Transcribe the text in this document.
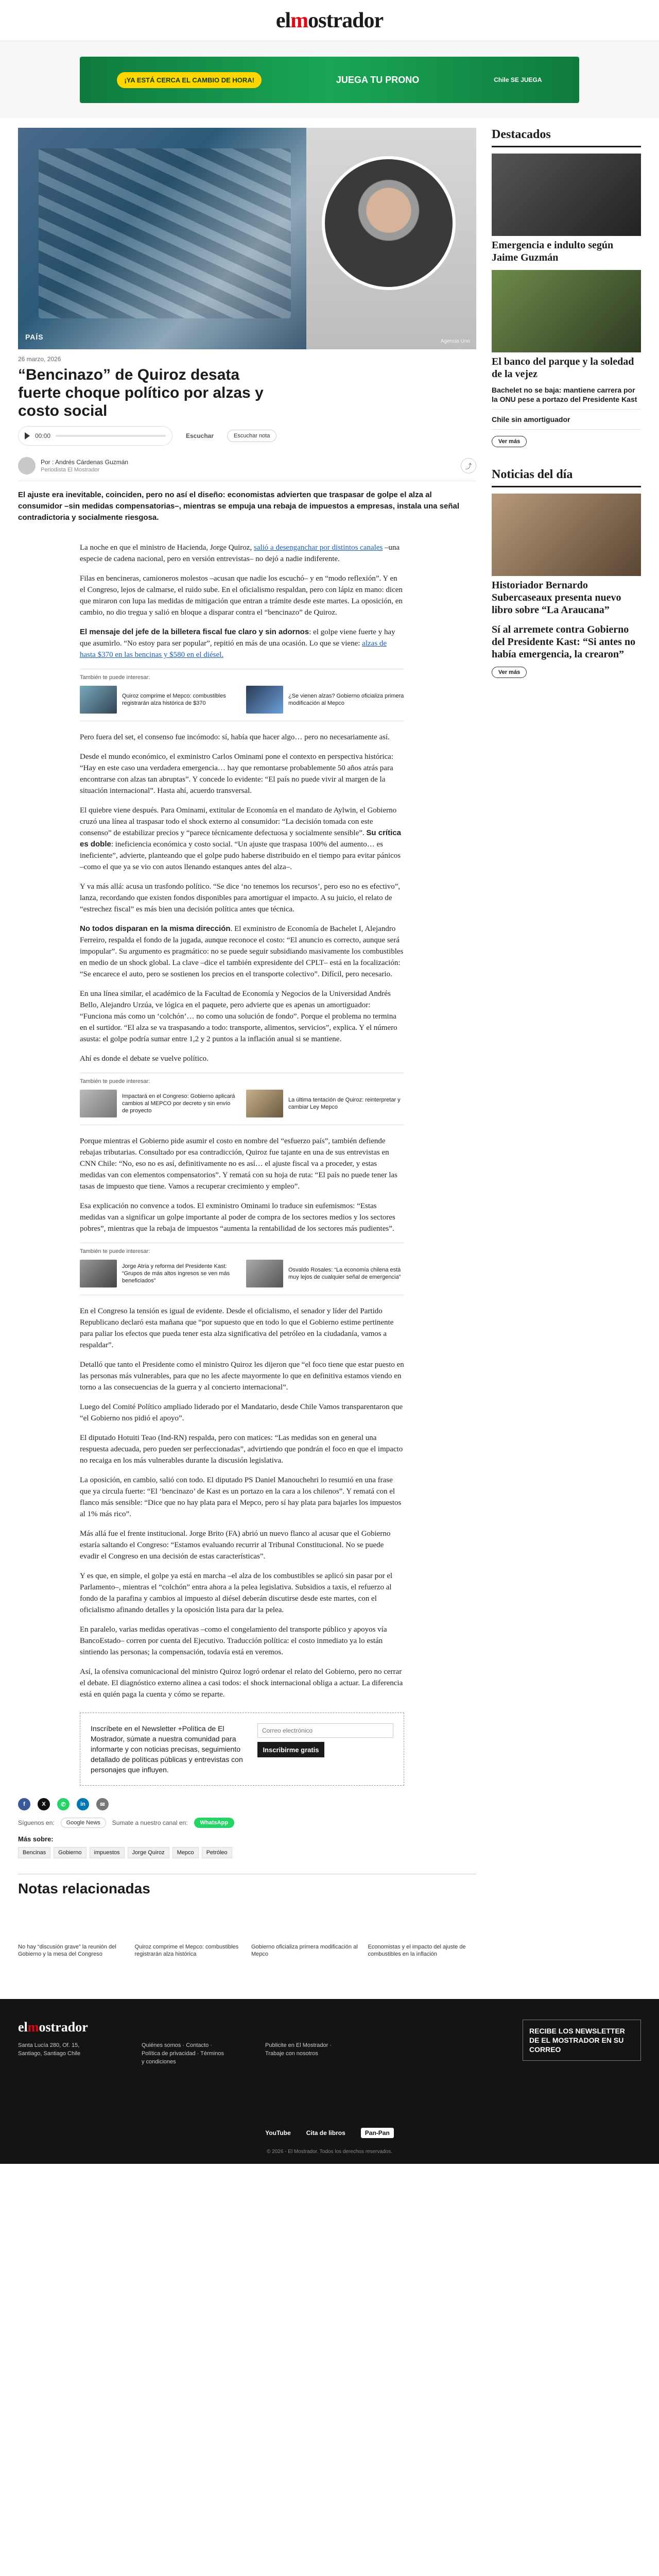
elmostrador
¡YA ESTÁ CERCA EL CAMBIO DE HORA!	JUEGA TU PRONO	Chile SE JUEGA
PAÍS
Agencia Uno
26 marzo, 2026
“Bencinazo” de Quiroz desata fuerte choque político por alzas y costo social
00:00	Escuchar	Escuchar nota
Por : Andrés Cárdenas Guzmán
Periodista El Mostrador	⤴

El ajuste era inevitable, coinciden, pero no así el diseño: economistas advierten que traspasar de golpe el alza al consumidor –sin medidas compensatorias–, mientras se empuja una rebaja de impuestos a empresas, instala una señal contradictoria y socialmente riesgosa.

La noche en que el ministro de Hacienda, Jorge Quiroz, salió a desenganchar por distintos canales –una especie de cadena nacional, pero en versión entrevistas– no dejó a nadie indiferente.

Filas en bencineras, camioneros molestos –acusan que nadie los escuchó– y en “modo reflexión”. Y en el Congreso, lejos de calmarse, el ruido sube. En el oficialismo respaldan, pero con lápiz en mano: dicen que miraron con lupa las medidas de mitigación que entran a trámite desde este martes. La oposición, en cambio, no dio tregua y salió en bloque a disparar contra el “bencinazo” de Quiroz.

El mensaje del jefe de la billetera fiscal fue claro y sin adornos: el golpe viene fuerte y hay que asumirlo. “No estoy para ser popular”, repitió en más de una ocasión. Lo que se viene: alzas de hasta $370 en las bencinas y $580 en el diésel.

También te puede interesar:
Quiroz comprime el Mepco: combustibles registrarán alza histórica de $370
¿Se vienen alzas? Gobierno oficializa primera modificación al Mepco

Pero fuera del set, el consenso fue incómodo: sí, había que hacer algo… pero no necesariamente así.

Desde el mundo económico, el exministro Carlos Ominami pone el contexto en perspectiva histórica: “Hay en este caso una verdadera emergencia… hay que remontarse probablemente 50 años atrás para encontrarse con alzas tan abruptas”. Y concede lo evidente: “El país no puede vivir al margen de la situación internacional”. Hasta ahí, acuerdo transversal.

El quiebre viene después. Para Ominami, extitular de Economía en el mandato de Aylwin, el Gobierno cruzó una línea al traspasar todo el shock externo al consumidor: “La decisión tomada con este consenso” de estabilizar precios y “parece técnicamente defectuosa y socialmente sensible”. Su crítica es doble: ineficiencia económica y costo social. “Un ajuste que traspasa 100% del aumento… es ineficiente”, advierte, planteando que el golpe pudo haberse distribuido en el tiempo para evitar pánicos –como el que ya se vio con autos llenando estanques antes del alza–.

Y va más allá: acusa un trasfondo político. “Se dice ‘no tenemos los recursos’, pero eso no es efectivo”, lanza, recordando que existen fondos disponibles para amortiguar el impacto. A su juicio, el relato de “estrechez fiscal” es más bien una decisión política antes que técnica.

No todos disparan en la misma dirección. El exministro de Economía de Bachelet I, Alejandro Ferreiro, respalda el fondo de la jugada, aunque reconoce el costo: “El anuncio es correcto, aunque será impopular”. Su argumento es pragmático: no se puede seguir subsidiando masivamente los combustibles en medio de un shock global. La clave –dice el también expresidente del CPLT– está en la focalización: “Se encarece el auto, pero se sostienen los precios en el transporte colectivo”. Difícil, pero necesario.

En una línea similar, el académico de la Facultad de Economía y Negocios de la Universidad Andrés Bello, Alejandro Urzúa, ve lógica en el paquete, pero advierte que es apenas un amortiguador: “Funciona más como un ‘colchón’… no como una solución de fondo”. Porque el problema no termina en el surtidor. “El alza se va traspasando a todo: transporte, alimentos, servicios”, explica. Y el número asusta: el golpe podría sumar entre 1,2 y 2 puntos a la inflación anual si se mantiene.

Ahí es donde el debate se vuelve político.

También te puede interesar:
Impactará en el Congreso: Gobierno aplicará cambios al MEPCO por decreto y sin envío de proyecto
La última tentación de Quiroz: reinterpretar y cambiar Ley Mepco

Porque mientras el Gobierno pide asumir el costo en nombre del “esfuerzo país”, también defiende rebajas tributarias. Consultado por esa contradicción, Quiroz fue tajante en una de sus entrevistas en CNN Chile: “No, eso no es así, definitivamente no es así… el ajuste fiscal va a proceder, y estas medidas van con elementos compensatorios”. Y rematá con su hoja de ruta: “El país no puede tener las tasas de impuesto que tiene. Vamos a recuperar crecimiento y empleo”.

Esa explicación no convence a todos. El exministro Ominami lo traduce sin eufemismos: “Estas medidas van a significar un golpe importante al poder de compra de los sectores medios y los sectores pobres”, mientras que la rebaja de impuestos “aumenta la rentabilidad de los sectores más pudientes”.

También te puede interesar:
Jorge Atria y reforma del Presidente Kast: “Grupos de más altos ingresos se ven más beneficiados”
Osvaldo Rosales: “La economía chilena está muy lejos de cualquier señal de emergencia”

En el Congreso la tensión es igual de evidente. Desde el oficialismo, el senador y líder del Partido Republicano declaró esta mañana que “por supuesto que en todo lo que el Gobierno estime pertinente para paliar los efectos que pueda tener esta alza significativa del petróleo en la ciudadanía, vamos a respaldar”.

Detalló que tanto el Presidente como el ministro Quiroz les dijeron que “el foco tiene que estar puesto en las personas más vulnerables, para que no les afecte mayormente lo que en definitiva estamos viendo en torno a las consecuencias de la guerra y al concierto internacional”.

Luego del Comité Político ampliado liderado por el Mandatario, desde Chile Vamos transparentaron que “el Gobierno nos pidió el apoyo”.

El diputado Hotuiti Teao (Ind-RN) respalda, pero con matices: “Las medidas son en general una respuesta adecuada, pero pueden ser perfeccionadas”, advirtiendo que pondrán el foco en que el impacto no recaiga en los más vulnerables durante la discusión legislativa.

La oposición, en cambio, salió con todo. El diputado PS Daniel Manouchehri lo resumió en una frase que ya circula fuerte: “El ‘bencinazo’ de Kast es un portazo en la cara a los chilenos”. Y rematá con el flanco más sensible: “Dice que no hay plata para el Mepco, pero sí hay plata para bajarles los impuestos al 1% más rico”.

Más allá fue el frente institucional. Jorge Brito (FA) abrió un nuevo flanco al acusar que el Gobierno estaría saltando el Congreso: “Estamos evaluando recurrir al Tribunal Constitucional. No se puede evadir el Congreso en una decisión de estas características”.

Y es que, en simple, el golpe ya está en marcha –el alza de los combustibles se aplicó sin pasar por el Parlamento–, mientras el “colchón” entra ahora a la pelea legislativa. Subsidios a taxis, el refuerzo al fondo de la parafina y cambios al impuesto al diésel deberán discutirse desde este martes, con el oficialismo afinando detalles y la oposición lista para dar la pelea.

En paralelo, varias medidas operativas –como el congelamiento del transporte público y apoyos vía BancoEstado– corren por cuenta del Ejecutivo. Traducción política: el costo inmediato ya lo están sintiendo las personas; la compensación, todavía está en veremos.

Así, la ofensiva comunicacional del ministro Quiroz logró ordenar el relato del Gobierno, pero no cerrar el debate. El diagnóstico externo alinea a casi todos: el shock internacional obliga a actuar. La diferencia está en quién paga la cuenta y cómo se reparte.

Inscríbete en el Newsletter +Política de El Mostrador, súmate a nuestra comunidad para informarte y con noticias precisas, seguimiento detallado de políticas públicas y entrevistas con personajes que influyen.
Correo electrónico
Inscribirme gratis
f	X	✆	in	✉
Síguenos en:	Google News	Sumate a nuestro canal en:	WhatsApp
Más sobre:
Bencinas	Gobierno	impuestos	Jorge Quiroz	Mepco	Petróleo
Notas relacionadas
No hay “discusión grave” la reunión del Gobierno y la mesa del Congreso
Quiroz comprime el Mepco: combustibles registrarán alza histórica
Gobierno oficializa primera modificación al Mepco
Economistas y el impacto del ajuste de combustibles en la inflación
Destacados
Emergencia e indulto según Jaime Guzmán
El banco del parque y la soledad de la vejez
Bachelet no se baja: mantiene carrera por la ONU pese a portazo del Presidente Kast
Chile sin amortiguador
Ver más
Noticias del día
Historiador Bernardo Subercaseaux presenta nuevo libro sobre “La Araucana”
Sí al arremete contra Gobierno del Presidente Kast: “Si antes no había emergencia, la crearon”
Ver más
elmostrador
Santa Lucía 280, Of. 15, Santiago, Santiago Chile
Quiénes somos · Contacto · Política de privacidad · Términos y condiciones
Publicite en El Mostrador · Trabaje con nosotros
RECIBE LOS NEWSLETTER DE EL MOSTRADOR EN SU CORREO
YouTube	Cita de libros	Pan-Pan
© 2026 - El Mostrador. Todos los derechos reservados.
